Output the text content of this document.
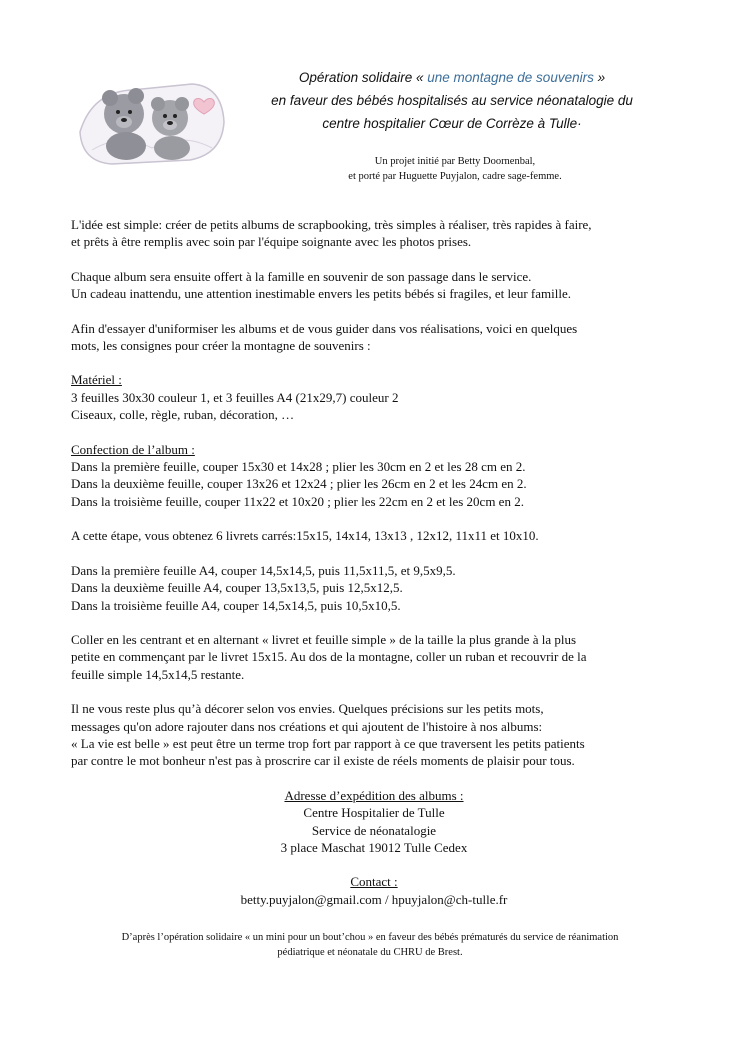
Opération solidaire « une montagne de souvenirs »
en faveur des bébés hospitalisés au service néonatalogie du
centre hospitalier Cœur de Corrèze à Tulle·
Un projet initié par Betty Doornenbal,
et porté par Huguette Puyjalon, cadre sage-femme.

L'idée est simple: créer de petits albums de scrapbooking, très simples à réaliser, très rapides à faire,
et prêts à être remplis avec soin par l'équipe soignante avec les photos prises.

Chaque album sera ensuite offert à la famille en souvenir de son passage dans le service.
Un cadeau inattendu, une attention inestimable envers les petits bébés si fragiles, et leur famille.

Afin d'essayer d'uniformiser les albums et de vous guider dans vos réalisations, voici en quelques
mots, les consignes pour créer la montagne de souvenirs :

Matériel :
3 feuilles 30x30 couleur 1, et 3 feuilles A4 (21x29,7) couleur 2
Ciseaux, colle, règle, ruban, décoration, …

Confection de l’album :
Dans la première feuille, couper 15x30 et 14x28 ; plier les 30cm en 2 et les 28 cm en 2.
Dans la deuxième feuille, couper 13x26 et 12x24 ; plier les 26cm en 2 et les 24cm en 2.
Dans la troisième feuille, couper 11x22 et 10x20 ; plier les 22cm en 2 et les 20cm en 2.

A cette étape, vous obtenez 6 livrets carrés:15x15, 14x14, 13x13 , 12x12, 11x11 et 10x10.

Dans la première feuille A4, couper 14,5x14,5, puis 11,5x11,5, et 9,5x9,5.
Dans la deuxième feuille A4, couper 13,5x13,5, puis 12,5x12,5.
Dans la troisième feuille A4, couper 14,5x14,5, puis 10,5x10,5.

Coller en les centrant et en alternant « livret et feuille simple » de la taille la plus grande à la plus
petite en commençant par le livret 15x15. Au dos de la montagne, coller un ruban et recouvrir de la
feuille simple 14,5x14,5 restante.

Il ne vous reste plus qu’à décorer selon vos envies. Quelques précisions sur les petits mots,
messages qu'on adore rajouter dans nos créations et qui ajoutent de l'histoire à nos albums:
« La vie est belle » est peut être un terme trop fort par rapport à ce que traversent les petits patients
par contre le mot bonheur n'est pas à proscrire car il existe de réels moments de plaisir pour tous.

Adresse d’expédition des albums :
Centre Hospitalier de Tulle
Service de néonatalogie
3 place Maschat 19012 Tulle Cedex

Contact :
betty.puyjalon@gmail.com / hpuyjalon@ch-tulle.fr

D’après l’opération solidaire « un mini pour un bout’chou » en faveur des bébés prématurés du service de réanimation
pédiatrique et néonatale du CHRU de Brest.
